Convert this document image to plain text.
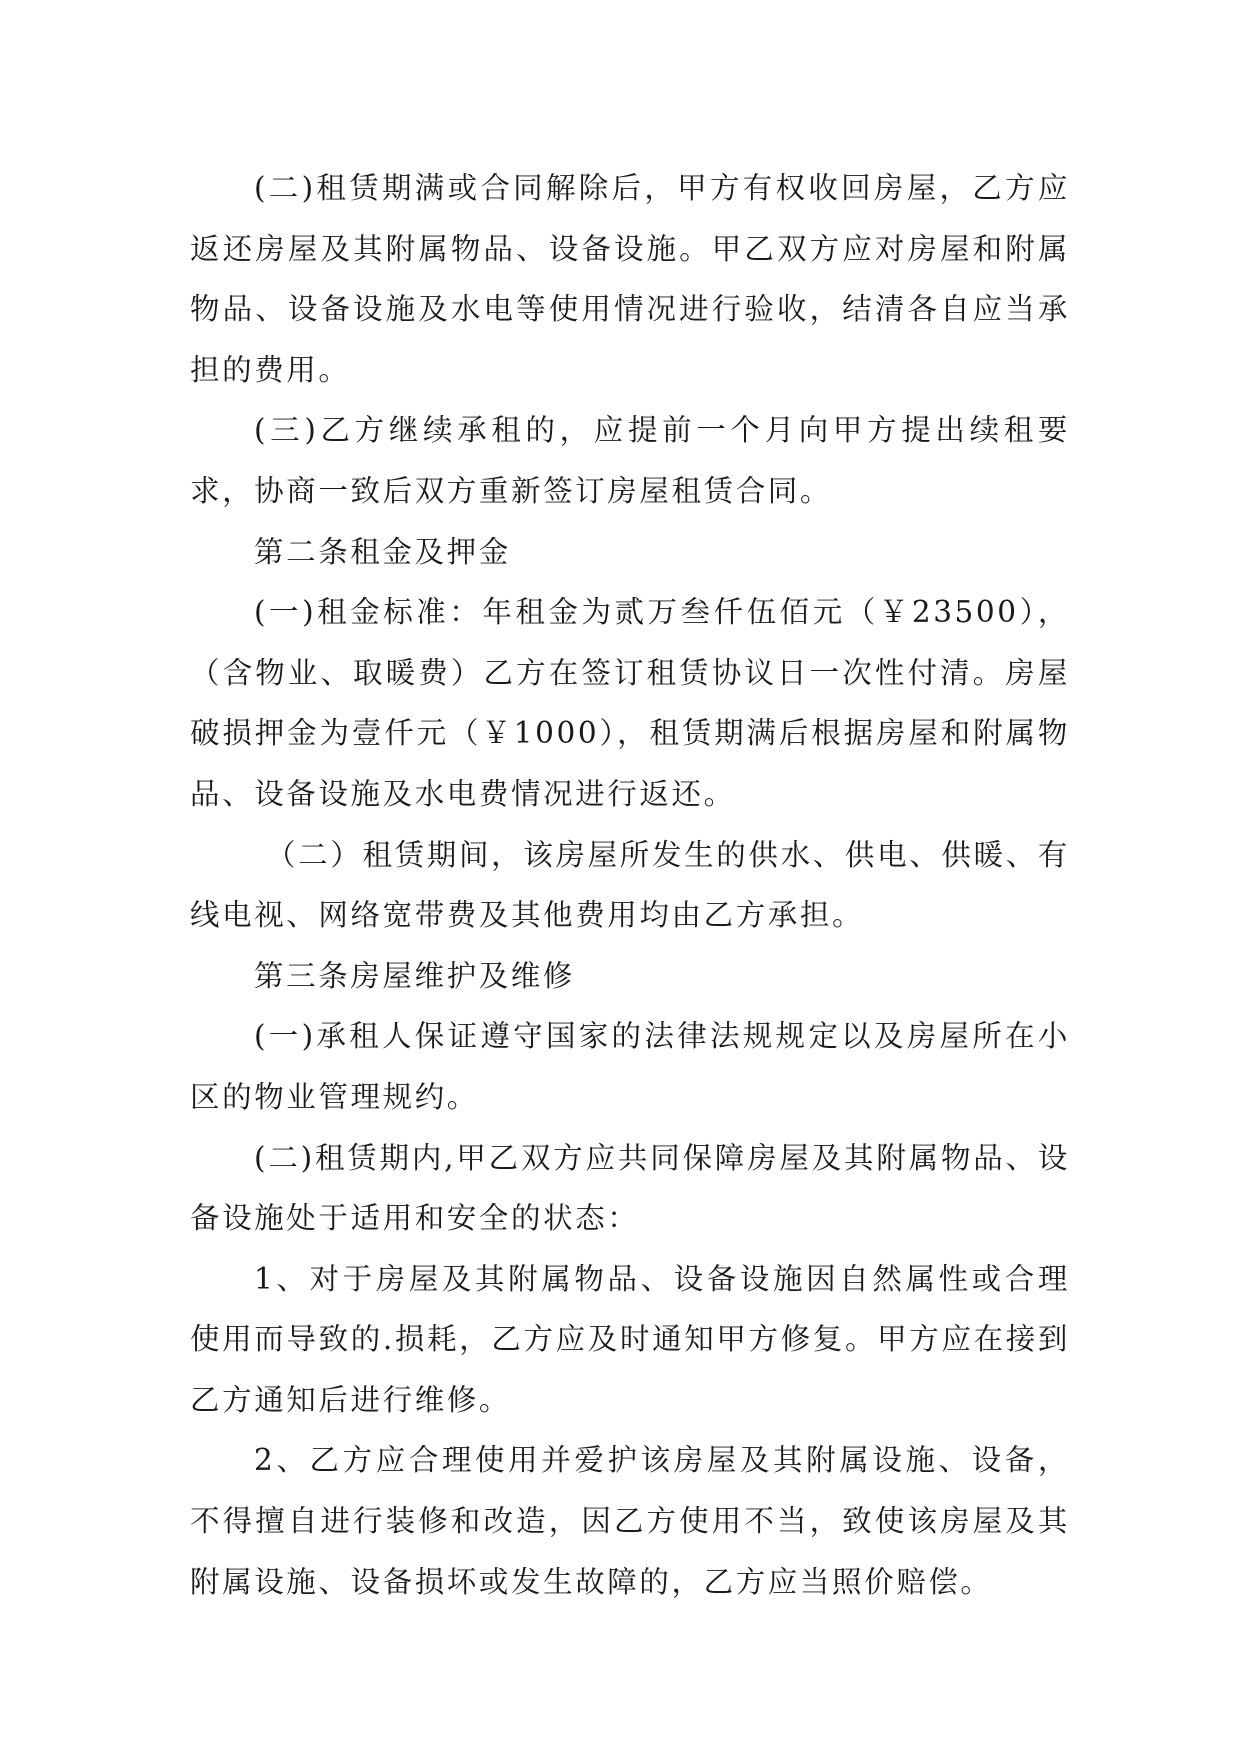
(二)租赁期满或合同解除后，甲方有权收回房屋，乙方应返还房屋及其附属物品、设备设施。甲乙双方应对房屋和附属物品、设备设施及水电等使用情况进行验收，结清各自应当承担的费用。

(三)乙方继续承租的，应提前一个月向甲方提出续租要求，协商一致后双方重新签订房屋租赁合同。

第二条租金及押金

(一)租金标准：年租金为贰万叁仟伍佰元（￥23500），（含物业、取暖费）乙方在签订租赁协议日一次性付清。房屋破损押金为壹仟元（￥1000），租赁期满后根据房屋和附属物品、设备设施及水电费情况进行返还。

（二）租赁期间，该房屋所发生的供水、供电、供暖、有线电视、网络宽带费及其他费用均由乙方承担。

第三条房屋维护及维修

(一)承租人保证遵守国家的法律法规规定以及房屋所在小区的物业管理规约。

(二)租赁期内,甲乙双方应共同保障房屋及其附属物品、设备设施处于适用和安全的状态：

1、对于房屋及其附属物品、设备设施因自然属性或合理使用而导致的.损耗，乙方应及时通知甲方修复。甲方应在接到乙方通知后进行维修。

2、乙方应合理使用并爱护该房屋及其附属设施、设备，不得擅自进行装修和改造，因乙方使用不当，致使该房屋及其附属设施、设备损坏或发生故障的，乙方应当照价赔偿。
